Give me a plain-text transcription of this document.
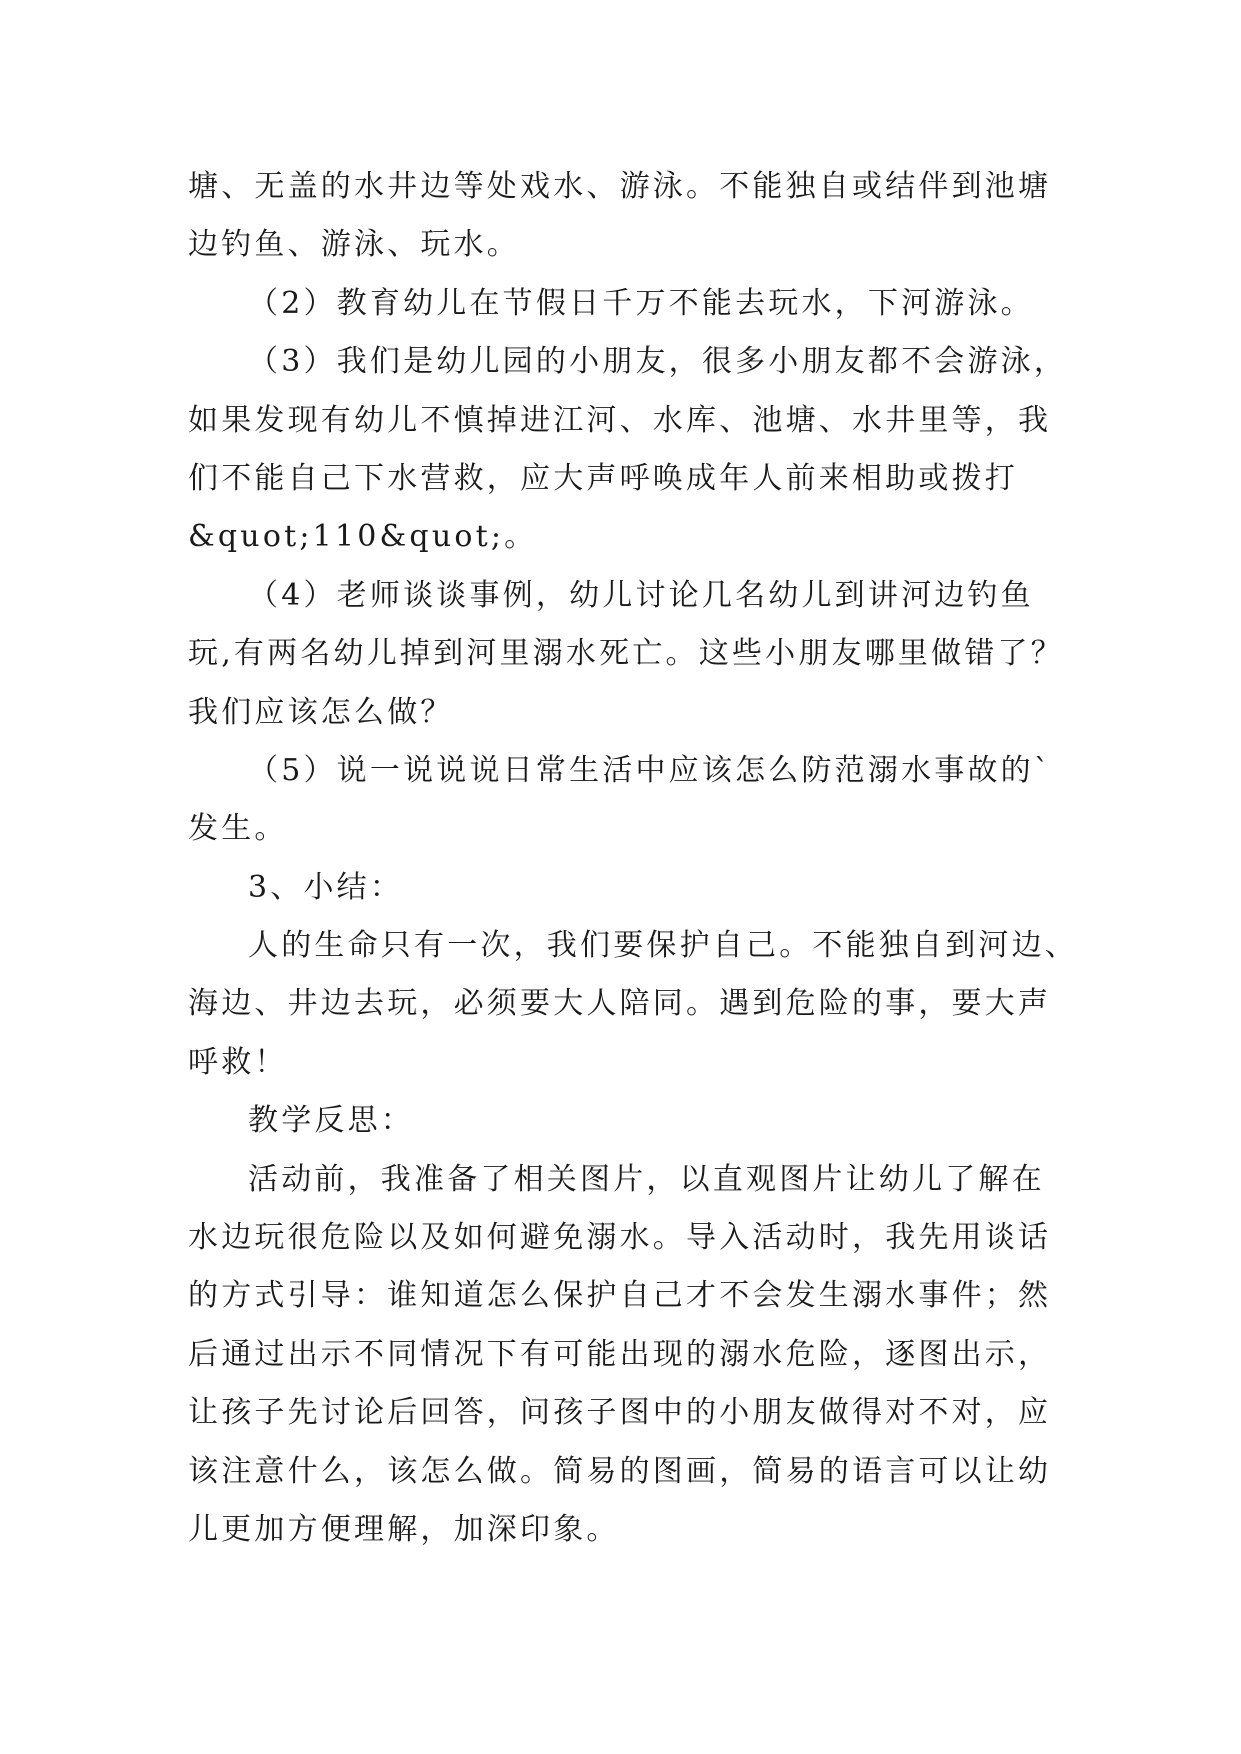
塘、无盖的水井边等处戏水、游泳。不能独自或结伴到池塘
边钓鱼、游泳、玩水。
（2）教育幼儿在节假日千万不能去玩水，下河游泳。
（3）我们是幼儿园的小朋友，很多小朋友都不会游泳，
如果发现有幼儿不慎掉进江河、水库、池塘、水井里等，我
们不能自己下水营救，应大声呼唤成年人前来相助或拨打
&quot;110&quot;。
（4）老师谈谈事例，幼儿讨论几名幼儿到讲河边钓鱼
玩,有两名幼儿掉到河里溺水死亡。这些小朋友哪里做错了？
我们应该怎么做？
（5）说一说说说日常生活中应该怎么防范溺水事故的`
发生。
3、小结：
人的生命只有一次，我们要保护自己。不能独自到河边、
海边、井边去玩，必须要大人陪同。遇到危险的事，要大声
呼救！
教学反思：
活动前，我准备了相关图片，以直观图片让幼儿了解在
水边玩很危险以及如何避免溺水。导入活动时，我先用谈话
的方式引导：谁知道怎么保护自己才不会发生溺水事件；然
后通过出示不同情况下有可能出现的溺水危险，逐图出示，
让孩子先讨论后回答，问孩子图中的小朋友做得对不对，应
该注意什么，该怎么做。简易的图画，简易的语言可以让幼
儿更加方便理解，加深印象。
